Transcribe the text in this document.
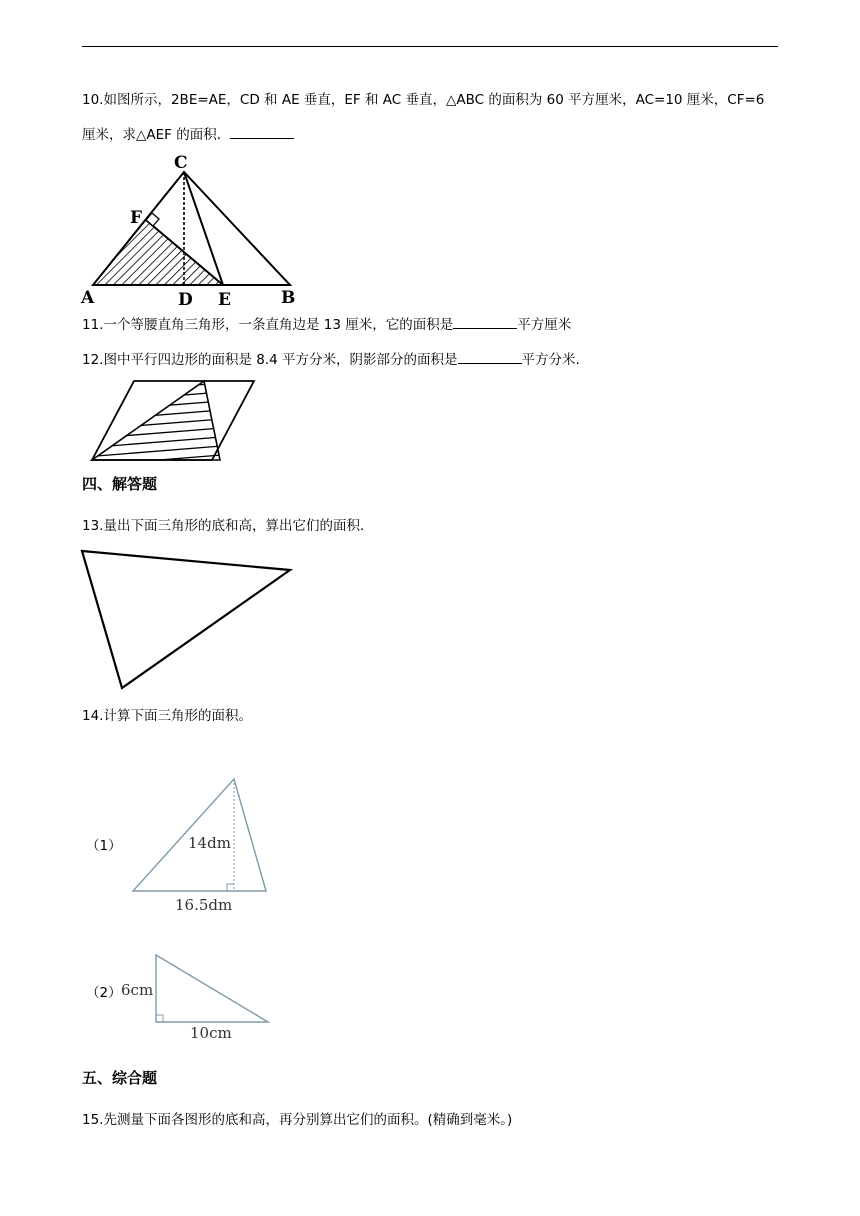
10.如图所示，2BE=AE，CD 和 AE 垂直，EF 和 AC 垂直，△ABC 的面积为 60 平方厘米，AC=10 厘米，CF=6
厘米，求△AEF 的面积．
C
F
A	D E	B
11.一个等腰直角三角形，一条直角边是 13 厘米，它的面积是	平方厘米
12.图中平行四边形的面积是 8.4 平方分米，阴影部分的面积是	平方分米.
四、解答题
13.量出下面三角形的底和高，算出它们的面积.
14.计算下面三角形的面积。
（1）	14dm
16.5dm
（2） 6cm
10cm
五、综合题
15.先测量下面各图形的底和高，再分别算出它们的面积。(精确到毫米。)
